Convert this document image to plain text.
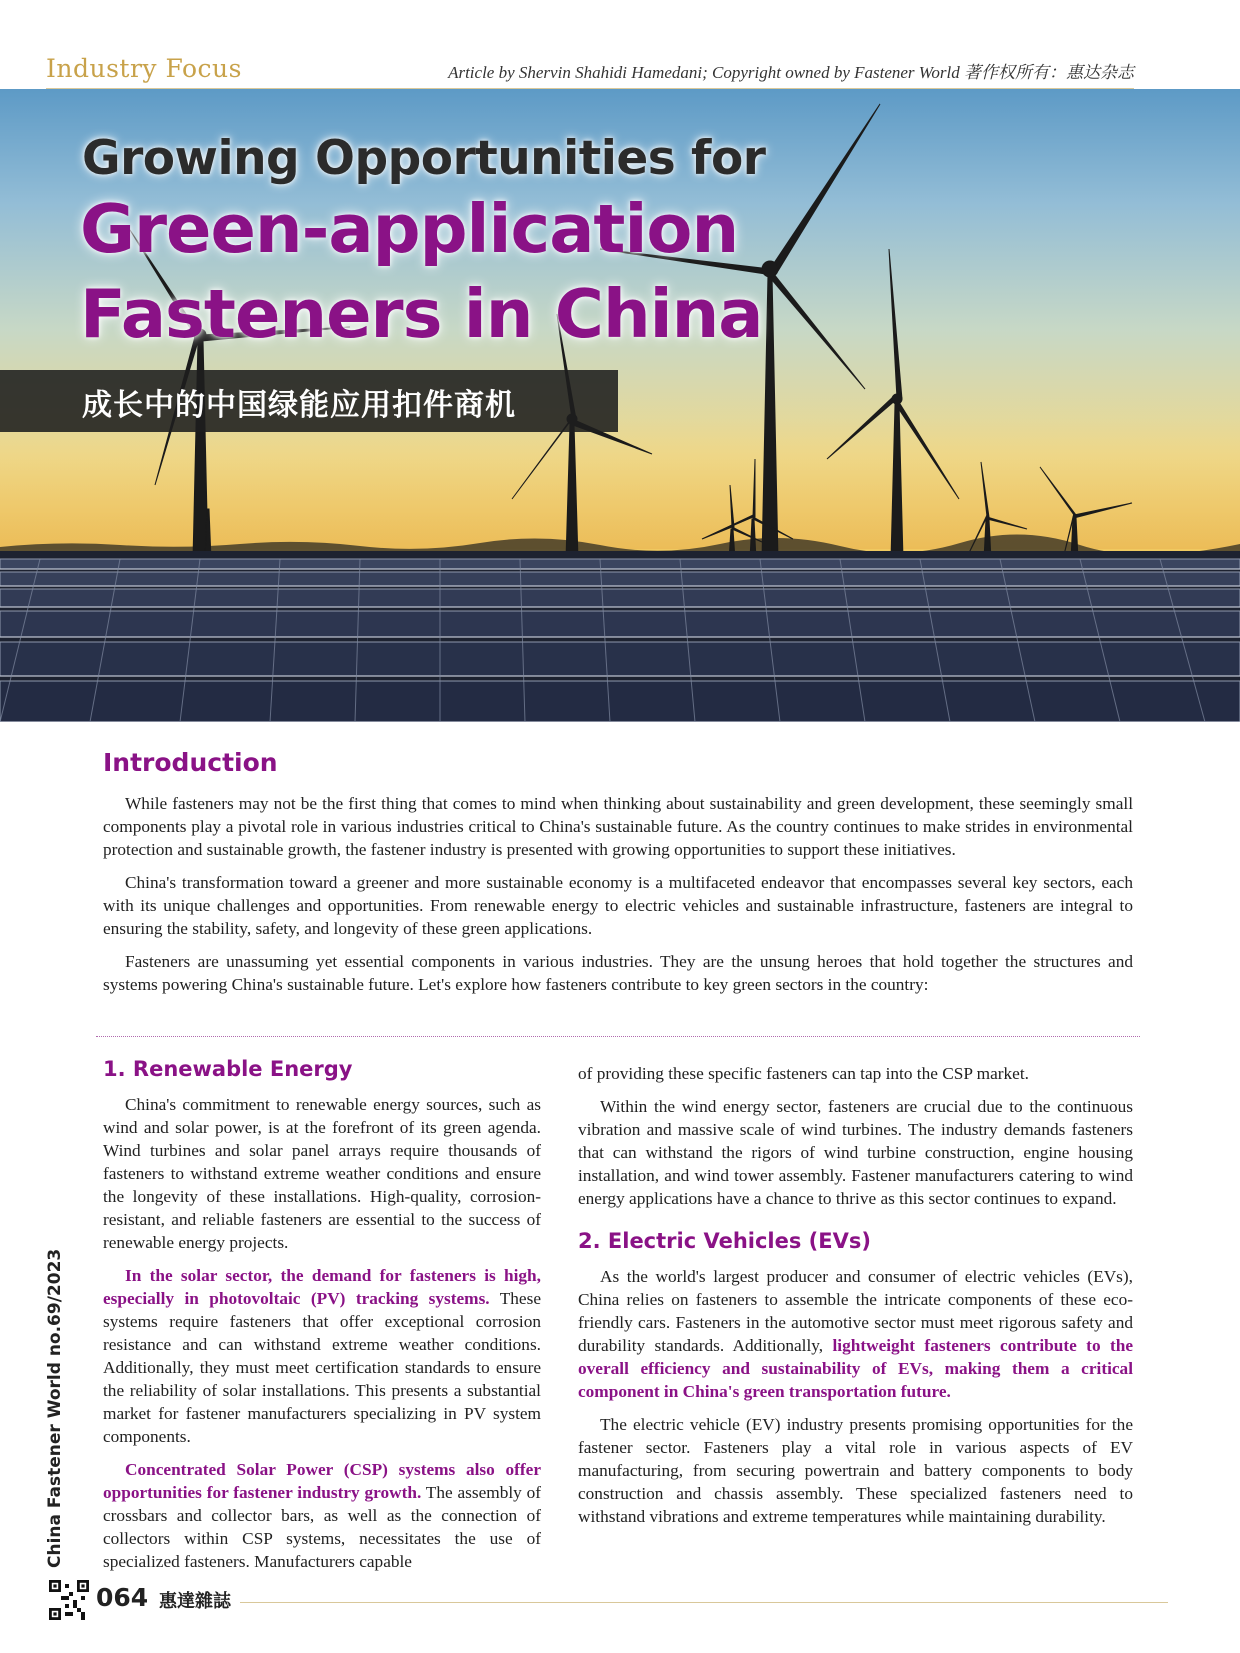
Industry Focus	Article by Shervin Shahidi Hamedani; Copyright owned by Fastener World 著作权所有：惠达杂志
Growing Opportunities for
Green-application
Fasteners in China
成长中的中国绿能应用扣件商机
Introduction

While fasteners may not be the first thing that comes to mind when thinking about sustainability and green development, these seemingly small components play a pivotal role in various industries critical to China's sustainable future. As the country continues to make strides in environmental protection and sustainable growth, the fastener industry is presented with growing opportunities to support these initiatives.

China's transformation toward a greener and more sustainable economy is a multifaceted endeavor that encompasses several key sectors, each with its unique challenges and opportunities. From renewable energy to electric vehicles and sustainable infrastructure, fasteners are integral to ensuring the stability, safety, and longevity of these green applications.

Fasteners are unassuming yet essential components in various industries. They are the unsung heroes that hold together the structures and systems powering China's sustainable future. Let's explore how fasteners contribute to key green sectors in the country:

1. Renewable Energy

China's commitment to renewable energy sources, such as wind and solar power, is at the forefront of its green agenda. Wind turbines and solar panel arrays require thousands of fasteners to withstand extreme weather conditions and ensure the longevity of these installations. High-quality, corrosion-resistant, and reliable fasteners are essential to the success of renewable energy projects.

In the solar sector, the demand for fasteners is high, especially in photovoltaic (PV) tracking systems. These systems require fasteners that offer exceptional corrosion resistance and can withstand extreme weather conditions. Additionally, they must meet certification standards to ensure the reliability of solar installations. This presents a substantial market for fastener manufacturers specializing in PV system components.

Concentrated Solar Power (CSP) systems also offer opportunities for fastener industry growth. The assembly of crossbars and collector bars, as well as the connection of collectors within CSP systems, necessitates the use of specialized fasteners. Manufacturers capable

of providing these specific fasteners can tap into the CSP market.

Within the wind energy sector, fasteners are crucial due to the continuous vibration and massive scale of wind turbines. The industry demands fasteners that can withstand the rigors of wind turbine construction, engine housing installation, and wind tower assembly. Fastener manufacturers catering to wind energy applications have a chance to thrive as this sector continues to expand.

2. Electric Vehicles (EVs)

As the world's largest producer and consumer of electric vehicles (EVs), China relies on fasteners to assemble the intricate components of these eco-friendly cars. Fasteners in the automotive sector must meet rigorous safety and durability standards. Additionally, lightweight fasteners contribute to the overall efficiency and sustainability of EVs, making them a critical component in China's green transportation future.

The electric vehicle (EV) industry presents promising opportunities for the fastener sector. Fasteners play a vital role in various aspects of EV manufacturing, from securing powertrain and battery components to body construction and chassis assembly. These specialized fasteners need to withstand vibrations and extreme temperatures while maintaining durability.

China Fastener World no.69/2023
064 惠達雜誌
